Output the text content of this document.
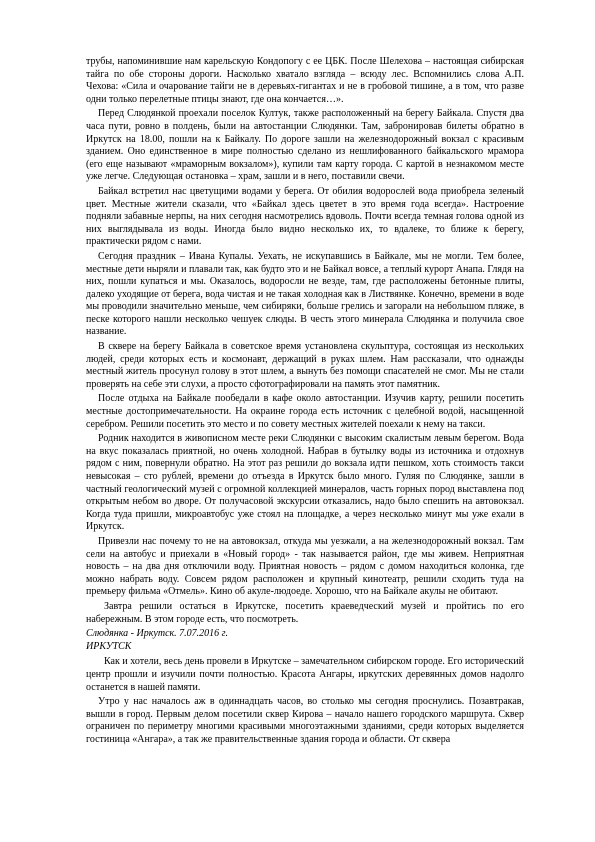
трубы, напоминившие нам карельскую Кондопогу с ее ЦБК. После Шелехова – настоящая сибирская тайга по обе стороны дороги. Насколько хватало взгляда – всюду лес. Вспомнились слова А.П. Чехова: «Сила и очарование тайги не в деревьях-гигантах и не в гробовой тишине, а в том, что разве одни только перелетные птицы знают, где она кончается…».

Перед Слюдянкой проехали поселок Култук, также расположенный на берегу Байкала. Спустя два часа пути, ровно в полдень, были на автостанции Слюдянки. Там, забронировав билеты обратно в Иркутск на 18.00, пошли на к Байкалу. По дороге зашли на железнодорожный вокзал с красивым зданием. Оно единственное в мире полностью сделано из нешлифованного байкальского мрамора (его еще называют «мраморным вокзалом»), купили там карту города. С картой в незнакомом месте уже легче. Следующая остановка – храм, зашли и в него, поставили свечи.

Байкал встретил нас цветущими водами у берега. От обилия водорослей вода приобрела зеленый цвет. Местные жители сказали, что «Байкал здесь цветет в это время года всегда». Настроение подняли забавные нерпы, на них сегодня насмотрелись вдоволь. Почти всегда темная голова одной из них выглядывала из воды. Иногда было видно несколько их, то вдалеке, то ближе к берегу, практически рядом с нами.

Сегодня праздник – Ивана Купалы. Уехать, не искупавшись в Байкале, мы не могли. Тем более, местные дети ныряли и плавали так, как будто это и не Байкал вовсе, а теплый курорт Анапа. Глядя на них, пошли купаться и мы. Оказалось, водоросли не везде, там, где расположены бетонные плиты, далеко уходящие от берега, вода чистая и не такая холодная как в Листвянке. Конечно, времени в воде мы проводили значительно меньше, чем сибиряки, больше грелись и загорали на небольшом пляже, в песке которого нашли несколько чешуек слюды. В честь этого минерала Слюдянка и получила свое название.

В сквере на берегу Байкала в советское время установлена скульптура, состоящая из нескольких людей, среди которых есть и космонавт, держащий в руках шлем. Нам рассказали, что однажды местный житель просунул голову в этот шлем, а вынуть без помощи спасателей не смог. Мы не стали проверять на себе эти слухи, а просто сфотографировали на память этот памятник.

После отдыха на Байкале пообедали в кафе около автостанции. Изучив карту, решили посетить местные достопримечательности. На окраине города есть источник с целебной водой, насыщенной серебром. Решили посетить это место и по совету местных жителей поехали к нему на такси.

Родник находится в живописном месте реки Слюдянки с высоким скалистым левым берегом. Вода на вкус показалась приятной, но очень холодной. Набрав в бутылку воды из источника и отдохнув рядом с ним, повернули обратно. На этот раз решили до вокзала идти пешком, хоть стоимость такси невысокая – сто рублей, времени до отъезда в Иркутск было много. Гуляя по Слюдянке, зашли в частный геологический музей с огромной коллекцией минералов, часть горных пород выставлена под открытым небом во дворе. От получасовой экскурсии отказались, надо было спешить на автовокзал. Когда туда пришли, микроавтобус уже стоял на площадке, а через несколько минут мы уже ехали в Иркутск.

Привезли нас почему то не на автовокзал, откуда мы уезжали, а на железнодорожный вокзал. Там сели на автобус и приехали в «Новый город» - так называется район, где мы живем. Неприятная новость – на два дня отключили воду. Приятная новость – рядом с домом находиться колонка, где можно набрать воду. Совсем рядом расположен и крупный кинотеатр, решили сходить туда на премьеру фильма «Отмель». Кино об акуле-людоеде. Хорошо, что на Байкале акулы не обитают.

Завтра решили остаться в Иркутске, посетить краеведческий музей и пройтись по его набережным. В этом городе есть, что посмотреть.

Слюдянка - Иркутск. 7.07.2016 г.

ИРКУТСК

Как и хотели, весь день провели в Иркутске – замечательном сибирском городе. Его исторический центр прошли и изучили почти полностью. Красота Ангары, иркутских деревянных домов надолго останется в нашей памяти.

Утро у нас началось аж в одиннадцать часов, во столько мы сегодня проснулись. Позавтракав, вышли в город. Первым делом посетили сквер Кирова – начало нашего городского маршрута. Сквер ограничен по периметру многими красивыми многоэтажными зданиями, среди которых выделяется гостиница «Ангара», а так же правительственные здания города и области. От сквера
